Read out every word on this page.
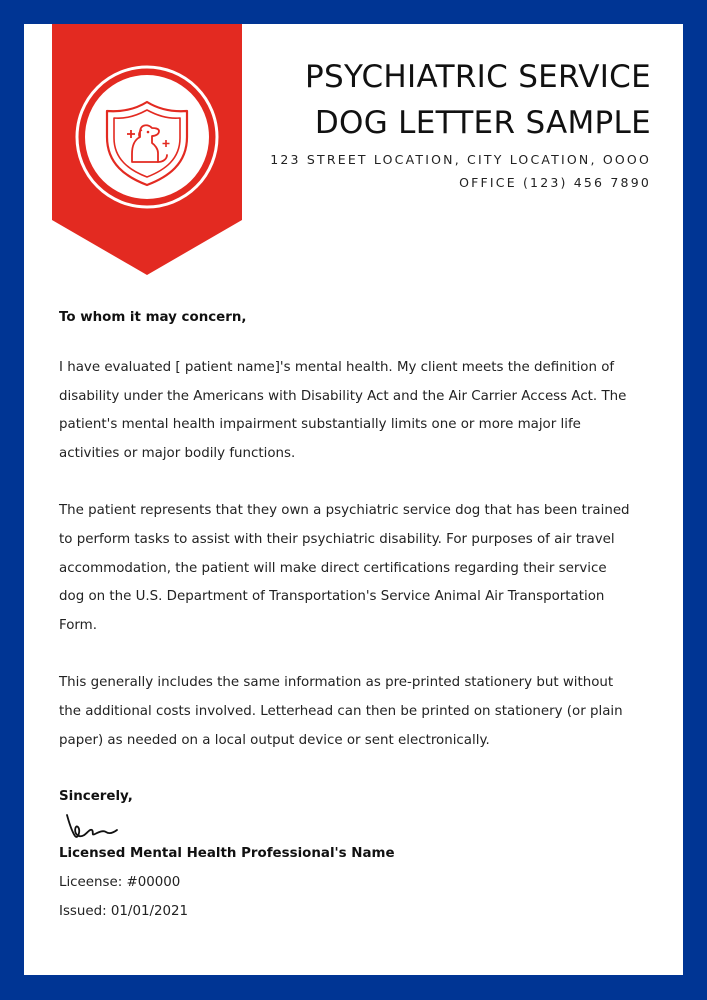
PSYCHIATRIC SERVICE
DOG LETTER SAMPLE
123 STREET LOCATION, CITY LOCATION, OOOO
OFFICE (123) 456 7890

To whom it may concern,

I have evaluated [ patient name]'s mental health. My client meets the definition of disability under the Americans with Disability Act and the Air Carrier Access Act. The patient's mental health impairment substantially limits one or more major life activities or major bodily functions.

The patient represents that they own a psychiatric service dog that has been trained to perform tasks to assist with their psychiatric disability. For purposes of air travel accommodation, the patient will make direct certifications regarding their service dog on the U.S. Department of Transportation's Service Animal Air Transportation Form.

This generally includes the same information as pre-printed stationery but without the additional costs involved. Letterhead can then be printed on stationery (or plain paper) as needed on a local output device or sent electronically.

Sincerely,

Licensed Mental Health Professional's Name

Liceense: #00000

Issued: 01/01/2021
